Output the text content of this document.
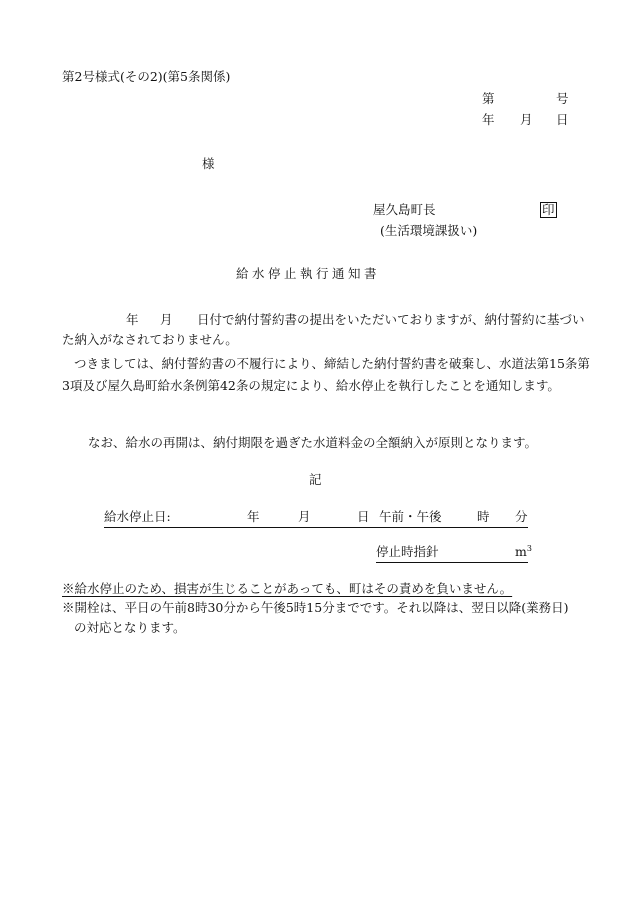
第2号様式(その2)(第5条関係)
第	号
年 月 日
様
屋久島町長	印
(生活環境課扱い)
給水停止執行通知書
年 月 日付で納付誓約書の提出をいただいておりますが、納付誓約に基づい
た納入がなされておりません。
つきましては、納付誓約書の不履行により、締結した納付誓約書を破棄し、水道法第15条第
3項及び屋久島町給水条例第42条の規定により、給水停止を執行したことを通知します。
なお、給水の再開は、納付期限を過ぎた水道料金の全額納入が原則となります。
記
給水停止日:	年	月	日 午前・午後	時 分
停止時指針	$m^3$
※給水停止のため、損害が生じることがあっても、町はその責めを負いません。
※開栓は、平日の午前8時30分から午後5時15分までです。それ以降は、翌日以降(業務日)
の対応となります。
